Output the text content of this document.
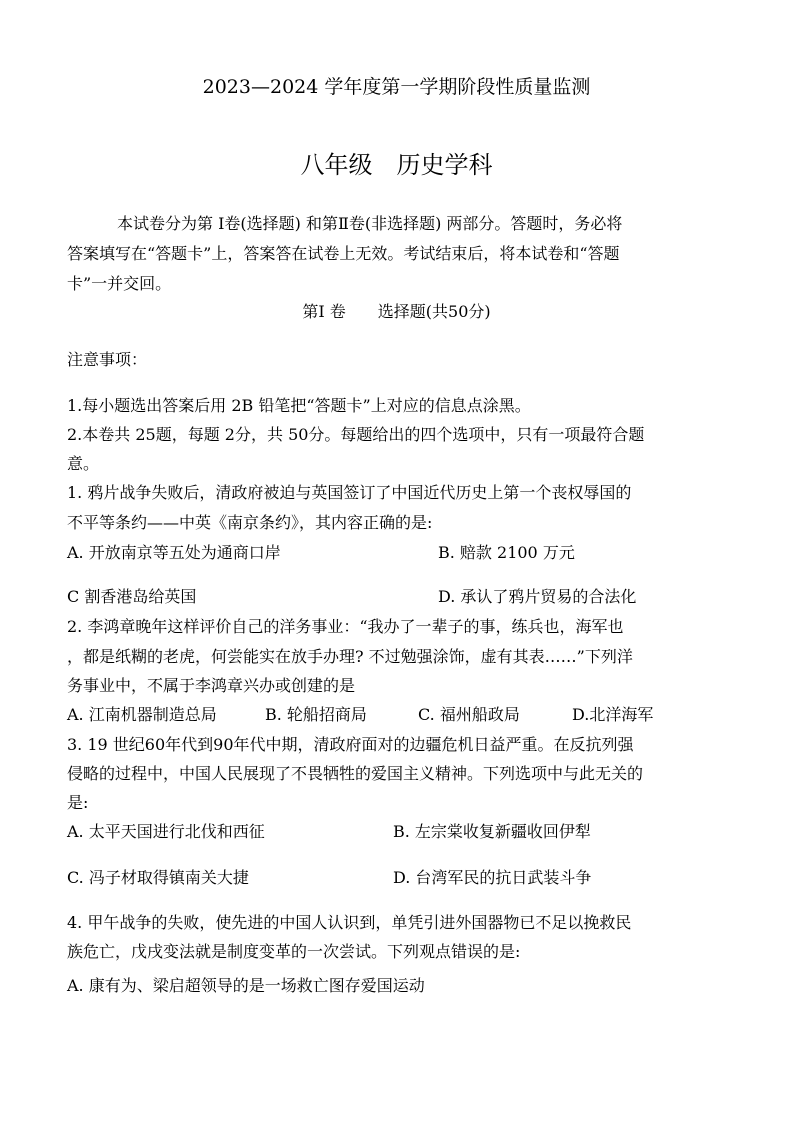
2023—2024 学年度第一学期阶段性质量监测
八年级　历史学科
本试卷分为第 Ⅰ卷(选择题) 和第Ⅱ卷(非选择题) 两部分。答题时，务必将
答案填写在“答题卡”上，答案答在试卷上无效。考试结束后，将本试卷和“答题
卡”一并交回。
第Ⅰ 卷　　选择题(共50分)
注意事项：
1.每小题选出答案后用 2B 铅笔把“答题卡”上对应的信息点涂黑。
2.本卷共 25题，每题 2分，共 50分。每题给出的四个选项中，只有一项最符合题
意。
1. 鸦片战争失败后，清政府被迫与英国签订了中国近代历史上第一个丧权辱国的
不平等条约——中英《南京条约》，其内容正确的是:
A. 开放南京等五处为通商口岸	B. 赔款 2100 万元
C 割香港岛给英国	D. 承认了鸦片贸易的合法化
2. 李鸿章晚年这样评价自己的洋务事业：“我办了一辈子的事，练兵也，海军也
，都是纸糊的老虎，何尝能实在放手办理? 不过勉强涂饰，虚有其表……”下列洋
务事业中，不属于李鸿章兴办或创建的是
A. 江南机器制造总局	B. 轮船招商局	C. 福州船政局	D.北洋海军
3. 19 世纪60年代到90年代中期，清政府面对的边疆危机日益严重。在反抗列强
侵略的过程中，中国人民展现了不畏牺牲的爱国主义精神。下列选项中与此无关的
是:
A. 太平天国进行北伐和西征	B. 左宗棠收复新疆收回伊犁
C. 冯子材取得镇南关大捷	D. 台湾军民的抗日武装斗争
4. 甲午战争的失败，使先进的中国人认识到，单凭引进外国器物已不足以挽救民
族危亡，戊戌变法就是制度变革的一次尝试。下列观点错误的是:
A. 康有为、梁启超领导的是一场救亡图存爱国运动
